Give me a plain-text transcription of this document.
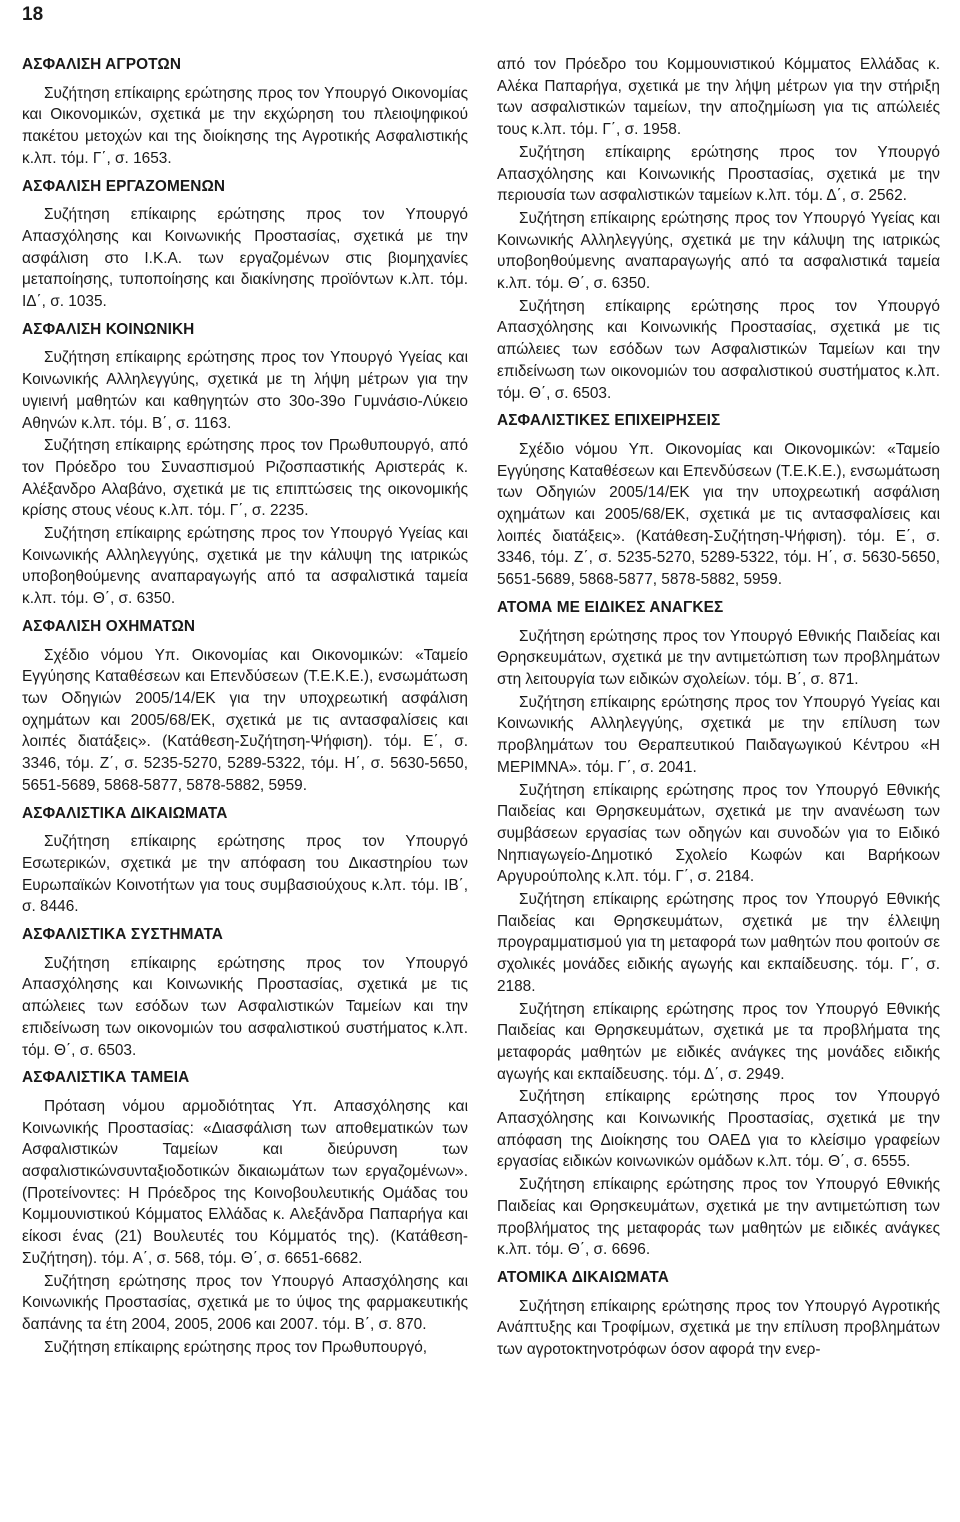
18
ΑΣΦΑΛΙΣΗ ΑΓΡΟΤΩΝ
Συζήτηση επίκαιρης ερώτησης προς τον Υπουργό Οικονομίας και Οικονομικών, σχετικά με την εκχώρηση του πλειοψηφικού πακέτου μετοχών και της διοίκησης της Αγροτικής Ασφαλιστικής κ.λπ. τόμ. Γ΄, σ. 1653.
ΑΣΦΑΛΙΣΗ ΕΡΓΑΖΟΜΕΝΩΝ
Συζήτηση επίκαιρης ερώτησης προς τον Υπουργό Απασχόλησης και Κοινωνικής Προστασίας, σχετικά με την ασφάλιση στο Ι.Κ.Α. των εργαζομένων στις βιομηχανίες μεταποίησης, τυποποίησης και διακίνησης προϊόντων κ.λπ. τόμ. ΙΔ΄, σ. 1035.
ΑΣΦΑΛΙΣΗ ΚΟΙΝΩΝΙΚΗ
Συζήτηση επίκαιρης ερώτησης προς τον Υπουργό Υγείας και Κοινωνικής Αλληλεγγύης, σχετικά με τη λήψη μέτρων για την υγιεινή μαθητών και καθηγητών στο 30ο-39ο Γυμνάσιο-Λύκειο Αθηνών κ.λπ. τόμ. Β΄, σ. 1163.
Συζήτηση επίκαιρης ερώτησης προς τον Πρωθυπουργό, από τον Πρόεδρο του Συνασπισμού Ριζοσπαστικής Αριστεράς κ. Αλέξανδρο Αλαβάνο, σχετικά με τις επιπτώσεις της οικονομικής κρίσης στους νέους κ.λπ. τόμ. Γ΄, σ. 2235.
Συζήτηση επίκαιρης ερώτησης προς τον Υπουργό Υγείας και Κοινωνικής Αλληλεγγύης, σχετικά με την κάλυψη της ιατρικώς υποβοηθούμενης αναπαραγωγής από τα ασφαλιστικά ταμεία κ.λπ. τόμ. Θ΄, σ. 6350.
ΑΣΦΑΛΙΣΗ ΟΧΗΜΑΤΩΝ
Σχέδιο νόμου Υπ. Οικονομίας και Οικονομικών: «Ταμείο Εγγύησης Καταθέσεων και Επενδύσεων (Τ.Ε.Κ.Ε.), ενσωμάτωση των Οδηγιών 2005/14/ΕΚ για την υποχρεωτική ασφάλιση οχημάτων και 2005/68/ΕΚ, σχετικά με τις αντασφαλίσεις και λοιπές διατάξεις». (Κατάθεση-Συζήτηση-Ψήφιση). τόμ. Ε΄, σ. 3346, τόμ. Ζ΄, σ. 5235-5270, 5289-5322, τόμ. Η΄, σ. 5630-5650, 5651-5689, 5868-5877, 5878-5882, 5959.
ΑΣΦΑΛΙΣΤΙΚΑ ΔΙΚΑΙΩΜΑΤΑ
Συζήτηση επίκαιρης ερώτησης προς τον Υπουργό Εσωτερικών, σχετικά με την απόφαση του Δικαστηρίου των Ευρωπαϊκών Κοινοτήτων για τους συμβασιούχους κ.λπ. τόμ. ΙΒ΄, σ. 8446.
ΑΣΦΑΛΙΣΤΙΚΑ ΣΥΣΤΗΜΑΤΑ
Συζήτηση επίκαιρης ερώτησης προς τον Υπουργό Απασχόλησης και Κοινωνικής Προστασίας, σχετικά με τις απώλειες των εσόδων των Ασφαλιστικών Ταμείων και την επιδείνωση των οικονομιών του ασφαλιστικού συστήματος κ.λπ. τόμ. Θ΄, σ. 6503.
ΑΣΦΑΛΙΣΤΙΚΑ ΤΑΜΕΙΑ
Πρόταση νόμου αρμοδιότητας Υπ. Απασχόλησης και Κοινωνικής Προστασίας: «Διασφάλιση των αποθεματικών των Ασφαλιστικών Ταμείων και διεύρυνση των ασφαλιστικώνσυνταξιοδοτικών δικαιωμάτων των εργαζομένων». (Προτείνοντες: Η Πρόεδρος της Κοινοβουλευτικής Ομάδας του Κομμουνιστικού Κόμματος Ελλάδας κ. Αλεξάνδρα Παπαρήγα και είκοσι ένας (21) Βουλευτές του Κόμματός της). (Κατάθεση-Συζήτηση). τόμ. Α΄, σ. 568, τόμ. Θ΄, σ. 6651-6682.
Συζήτηση ερώτησης προς τον Υπουργό Απασχόλησης και Κοινωνικής Προστασίας, σχετικά με το ύψος της φαρμακευτικής δαπάνης τα έτη 2004, 2005, 2006 και 2007. τόμ. Β΄, σ. 870.
Συζήτηση επίκαιρης ερώτησης προς τον Πρωθυπουργό,
από τον Πρόεδρο του Κομμουνιστικού Κόμματος Ελλάδας κ. Αλέκα Παπαρήγα, σχετικά με την λήψη μέτρων για την στήριξη των ασφαλιστικών ταμείων, την αποζημίωση για τις απώλειές τους κ.λπ. τόμ. Γ΄, σ. 1958.
Συζήτηση επίκαιρης ερώτησης προς τον Υπουργό Απασχόλησης και Κοινωνικής Προστασίας, σχετικά με την περιουσία των ασφαλιστικών ταμείων κ.λπ. τόμ. Δ΄, σ. 2562.
Συζήτηση επίκαιρης ερώτησης προς τον Υπουργό Υγείας και Κοινωνικής Αλληλεγγύης, σχετικά με την κάλυψη της ιατρικώς υποβοηθούμενης αναπαραγωγής από τα ασφαλιστικά ταμεία κ.λπ. τόμ. Θ΄, σ. 6350.
Συζήτηση επίκαιρης ερώτησης προς τον Υπουργό Απασχόλησης και Κοινωνικής Προστασίας, σχετικά με τις απώλειες των εσόδων των Ασφαλιστικών Ταμείων και την επιδείνωση των οικονομιών του ασφαλιστικού συστήματος κ.λπ. τόμ. Θ΄, σ. 6503.
ΑΣΦΑΛΙΣΤΙΚΕΣ ΕΠΙΧΕΙΡΗΣΕΙΣ
Σχέδιο νόμου Υπ. Οικονομίας και Οικονομικών: «Ταμείο Εγγύησης Καταθέσεων και Επενδύσεων (Τ.Ε.Κ.Ε.), ενσωμάτωση των Οδηγιών 2005/14/ΕΚ για την υποχρεωτική ασφάλιση οχημάτων και 2005/68/ΕΚ, σχετικά με τις αντασφαλίσεις και λοιπές διατάξεις». (Κατάθεση-Συζήτηση-Ψήφιση). τόμ. Ε΄, σ. 3346, τόμ. Ζ΄, σ. 5235-5270, 5289-5322, τόμ. Η΄, σ. 5630-5650, 5651-5689, 5868-5877, 5878-5882, 5959.
ΑΤΟΜΑ ΜΕ ΕΙΔΙΚΕΣ ΑΝΑΓΚΕΣ
Συζήτηση ερώτησης προς τον Υπουργό Εθνικής Παιδείας και Θρησκευμάτων, σχετικά με την αντιμετώπιση των προβλημάτων στη λειτουργία των ειδικών σχολείων. τόμ. Β΄, σ. 871.
Συζήτηση επίκαιρης ερώτησης προς τον Υπουργό Υγείας και Κοινωνικής Αλληλεγγύης, σχετικά με την επίλυση των προβλημάτων του Θεραπευτικού Παιδαγωγικού Κέντρου «Η ΜΕΡΙΜΝΑ». τόμ. Γ΄, σ. 2041.
Συζήτηση επίκαιρης ερώτησης προς τον Υπουργό Εθνικής Παιδείας και Θρησκευμάτων, σχετικά με την ανανέωση των συμβάσεων εργασίας των οδηγών και συνοδών για το Ειδικό Νηπιαγωγείο-Δημοτικό Σχολείο Κωφών και Βαρήκοων Αργυρούπολης κ.λπ. τόμ. Γ΄, σ. 2184.
Συζήτηση επίκαιρης ερώτησης προς τον Υπουργό Εθνικής Παιδείας και Θρησκευμάτων, σχετικά με την έλλειψη προγραμματισμού για τη μεταφορά των μαθητών που φοιτούν σε σχολικές μονάδες ειδικής αγωγής και εκπαίδευσης. τόμ. Γ΄, σ. 2188.
Συζήτηση επίκαιρης ερώτησης προς τον Υπουργό Εθνικής Παιδείας και Θρησκευμάτων, σχετικά με τα προβλήματα της μεταφοράς μαθητών με ειδικές ανάγκες της μονάδες ειδικής αγωγής και εκπαίδευσης. τόμ. Δ΄, σ. 2949.
Συζήτηση επίκαιρης ερώτησης προς τον Υπουργό Απασχόλησης και Κοινωνικής Προστασίας, σχετικά με την απόφαση της Διοίκησης του ΟΑΕΔ για το κλείσιμο γραφείων εργασίας ειδικών κοινωνικών ομάδων κ.λπ. τόμ. Θ΄, σ. 6555.
Συζήτηση επίκαιρης ερώτησης προς τον Υπουργό Εθνικής Παιδείας και Θρησκευμάτων, σχετικά με την αντιμετώπιση των προβλήματος της μεταφοράς των μαθητών με ειδικές ανάγκες κ.λπ. τόμ. Θ΄, σ. 6696.
ΑΤΟΜΙΚΑ ΔΙΚΑΙΩΜΑΤΑ
Συζήτηση επίκαιρης ερώτησης προς τον Υπουργό Αγροτικής Ανάπτυξης και Τροφίμων, σχετικά με την επίλυση προβλημάτων των αγροτοκτηνοτρόφων όσον αφορά την ενερ-
